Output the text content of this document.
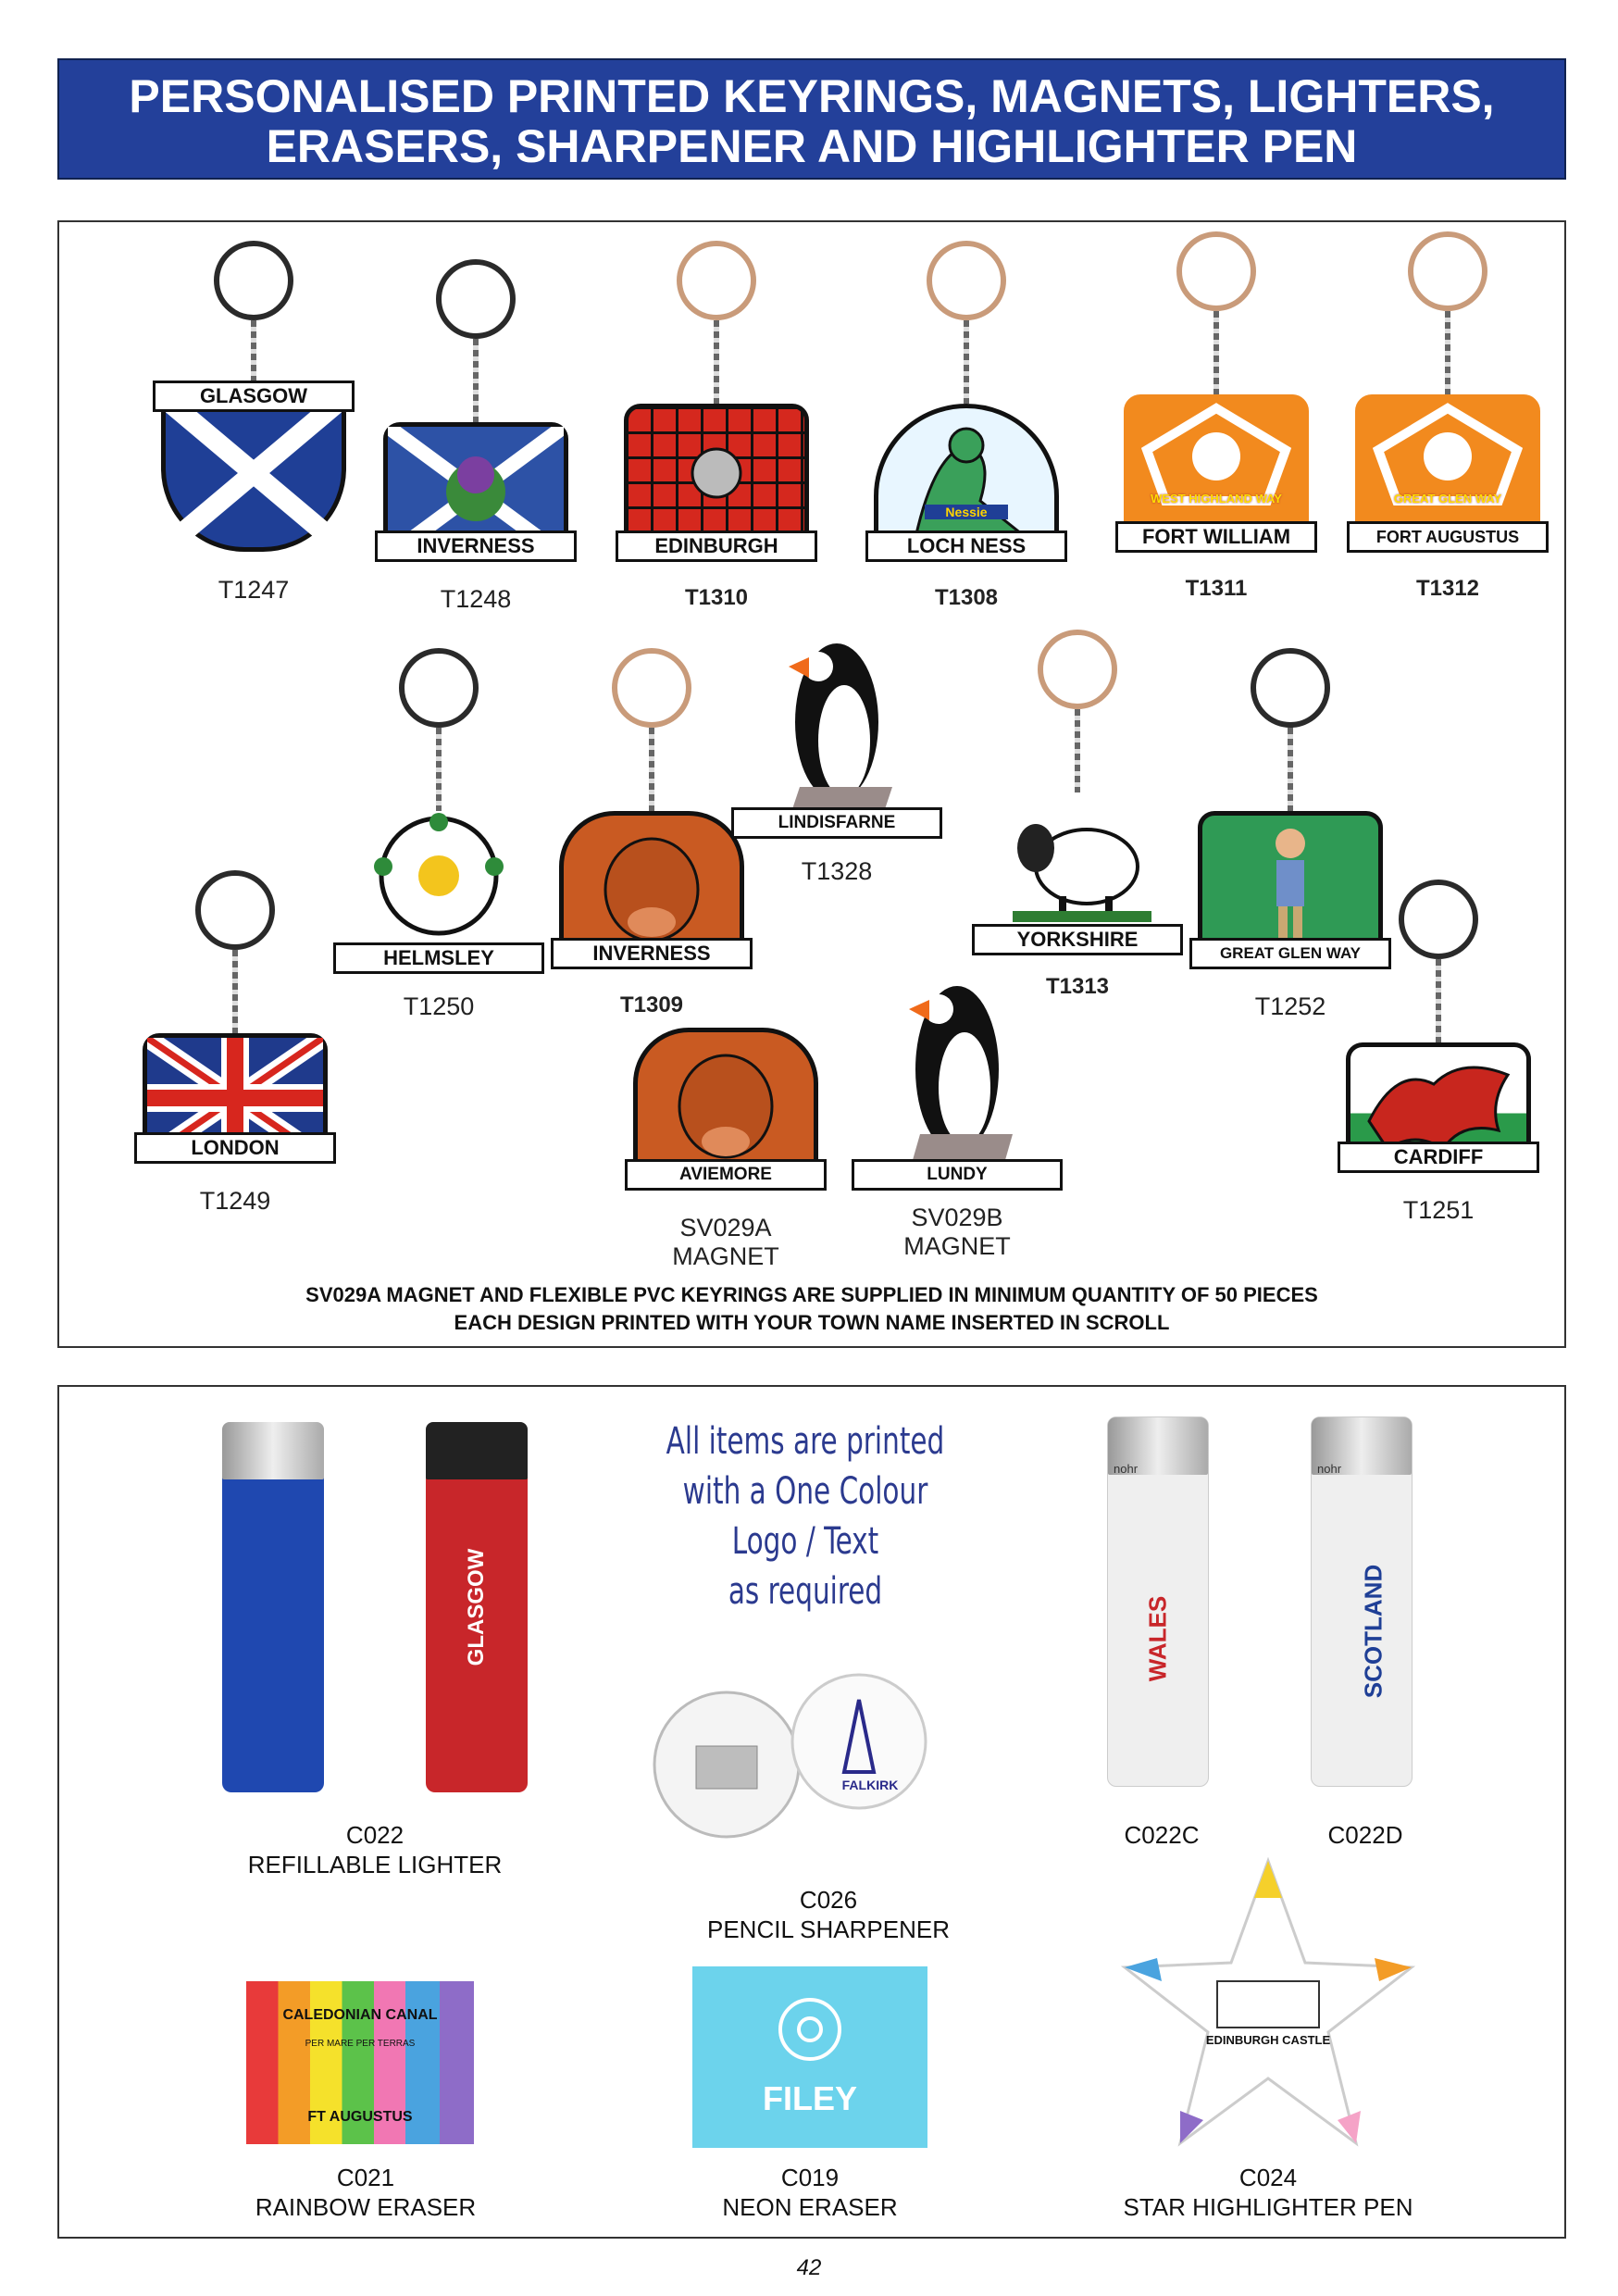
PERSONALISED PRINTED KEYRINGS, MAGNETS, LIGHTERS,
ERASERS, SHARPENER AND HIGHLIGHTER PEN
GLASGOW
T1247
INVERNESS
T1248
EDINBURGH
T1310
Nessie
LOCH NESS
T1308
WEST HIGHLAND WAY
FORT WILLIAM
T1311
GREAT GLEN WAY
FORT AUGUSTUS
T1312
HELMSLEY
T1250
INVERNESS
T1309
LINDISFARNE
T1328
YORKSHIRE
T1313
GREAT GLEN WAY
T1252
LONDON
T1249
AVIEMORE
SV029A
MAGNET
LUNDY
SV029B
MAGNET
CARDIFF
T1251
SV029A MAGNET AND FLEXIBLE PVC KEYRINGS ARE SUPPLIED IN MINIMUM QUANTITY OF 50 PIECES
EACH DESIGN PRINTED WITH YOUR TOWN NAME INSERTED IN SCROLL
GLASGOW
C022
REFILLABLE LIGHTER
All items are printed
with a One Colour
Logo / Text
as required
FALKIRK
C026
PENCIL SHARPENER
nohr
WALES
nohr
SCOTLAND
C022C	C022D
CALEDONIAN CANAL
PER MARE PER TERRAS
FT AUGUSTUS
C021
RAINBOW ERASER
FILEY
C019
NEON ERASER
EDINBURGH CASTLE
C024
STAR HIGHLIGHTER PEN
42
